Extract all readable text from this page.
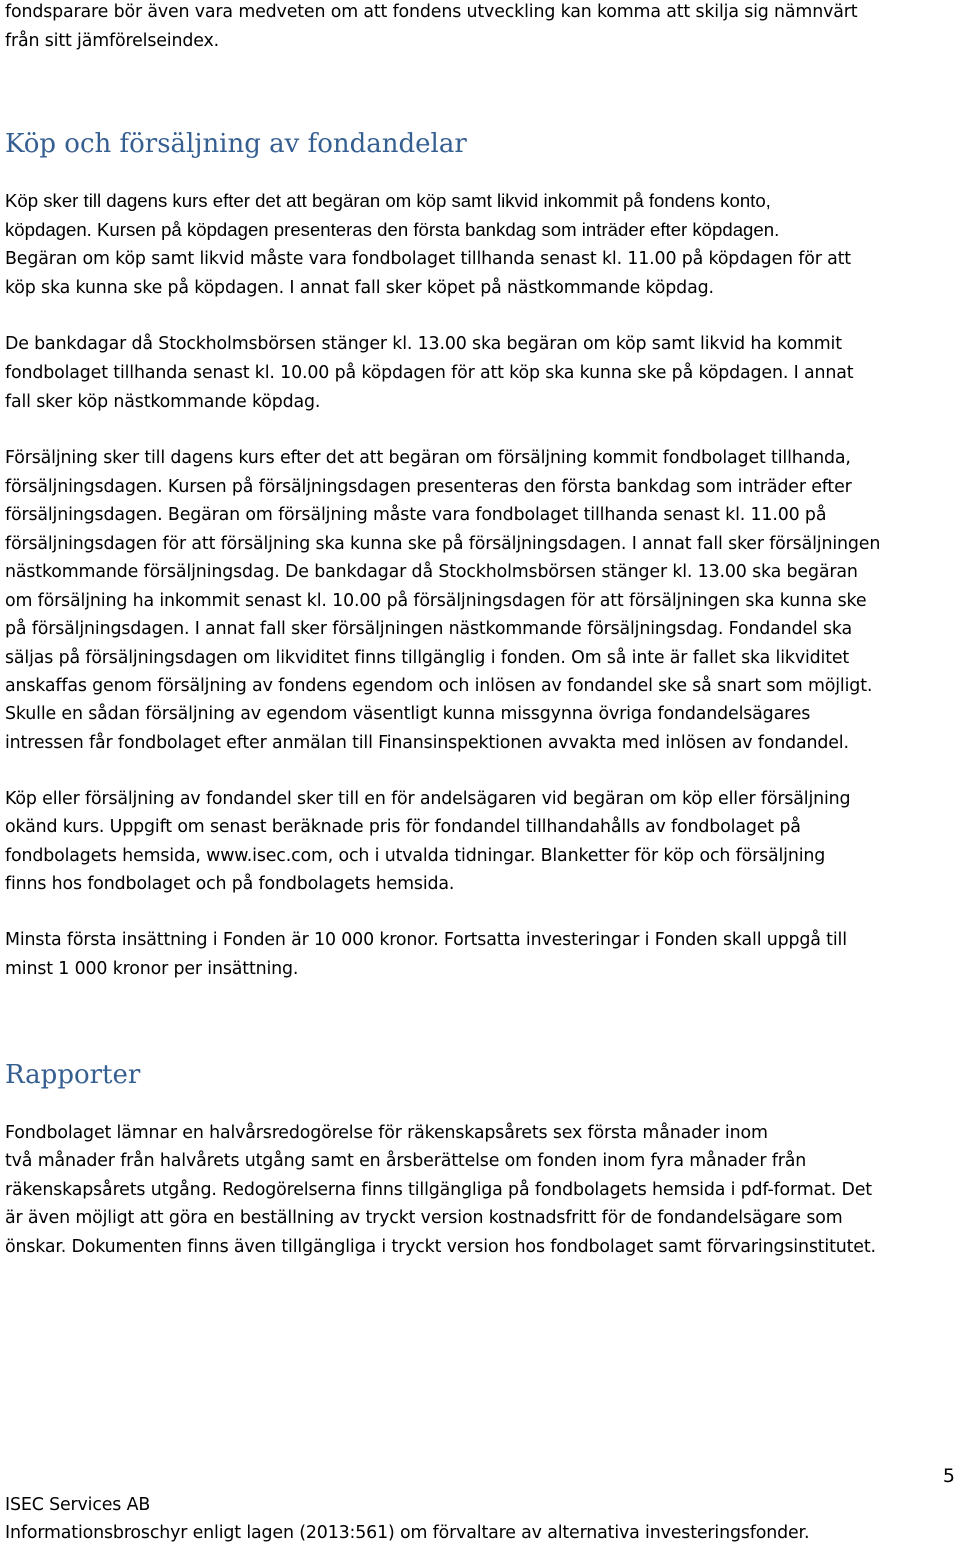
fondsparare bör även vara medveten om att fondens utveckling kan komma att skilja sig nämnvärt
från sitt jämförelseindex.
Köp och försäljning av fondandelar
Köp sker till dagens kurs efter det att begäran om köp samt likvid inkommit på fondens konto,
köpdagen. Kursen på köpdagen presenteras den första bankdag som inträder efter köpdagen.
Begäran om köp samt likvid måste vara fondbolaget tillhanda senast kl. 11.00 på köpdagen för att
köp ska kunna ske på köpdagen. I annat fall sker köpet på nästkommande köpdag.
De bankdagar då Stockholmsbörsen stänger kl. 13.00 ska begäran om köp samt likvid ha kommit
fondbolaget tillhanda senast kl. 10.00 på köpdagen för att köp ska kunna ske på köpdagen. I annat
fall sker köp nästkommande köpdag.
Försäljning sker till dagens kurs efter det att begäran om försäljning kommit fondbolaget tillhanda,
försäljningsdagen. Kursen på försäljningsdagen presenteras den första bankdag som inträder efter
försäljningsdagen. Begäran om försäljning måste vara fondbolaget tillhanda senast kl. 11.00 på
försäljningsdagen för att försäljning ska kunna ske på försäljningsdagen. I annat fall sker försäljningen
nästkommande försäljningsdag. De bankdagar då Stockholmsbörsen stänger kl. 13.00 ska begäran
om försäljning ha inkommit senast kl. 10.00 på försäljningsdagen för att försäljningen ska kunna ske
på försäljningsdagen. I annat fall sker försäljningen nästkommande försäljningsdag. Fondandel ska
säljas på försäljningsdagen om likviditet finns tillgänglig i fonden. Om så inte är fallet ska likviditet
anskaffas genom försäljning av fondens egendom och inlösen av fondandel ske så snart som möjligt.
Skulle en sådan försäljning av egendom väsentligt kunna missgynna övriga fondandelsägares
intressen får fondbolaget efter anmälan till Finansinspektionen avvakta med inlösen av fondandel.
Köp eller försäljning av fondandel sker till en för andelsägaren vid begäran om köp eller försäljning
okänd kurs. Uppgift om senast beräknade pris för fondandel tillhandahålls av fondbolaget på
fondbolagets hemsida, www.isec.com, och i utvalda tidningar. Blanketter för köp och försäljning
finns hos fondbolaget och på fondbolagets hemsida.
Minsta första insättning i Fonden är 10 000 kronor. Fortsatta investeringar i Fonden skall uppgå till
minst 1 000 kronor per insättning.
Rapporter
Fondbolaget lämnar en halvårsredogörelse för räkenskapsårets sex första månader inom
två månader från halvårets utgång samt en årsberättelse om fonden inom fyra månader från
räkenskapsårets utgång. Redogörelserna finns tillgängliga på fondbolagets hemsida i pdf-format. Det
är även möjligt att göra en beställning av tryckt version kostnadsfritt för de fondandelsägare som
önskar. Dokumenten finns även tillgängliga i tryckt version hos fondbolaget samt förvaringsinstitutet.
5
ISEC Services AB
Informationsbroschyr enligt lagen (2013:561) om förvaltare av alternativa investeringsfonder.
